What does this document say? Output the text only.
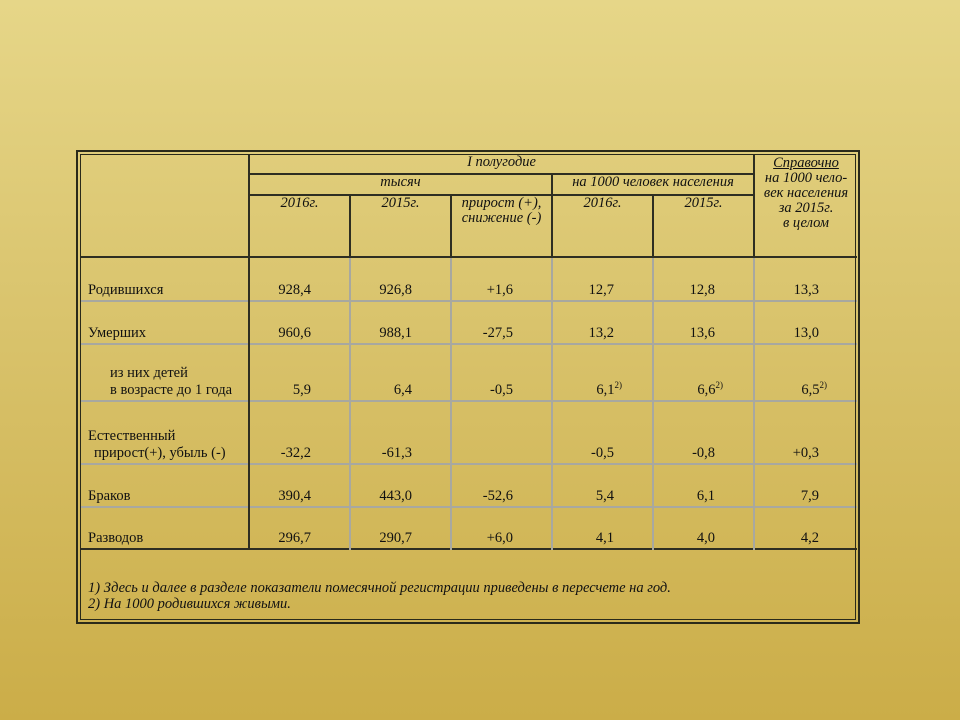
	I полугодие					Справочно
на 1000 чело-
век населения
за 2015г.
в целом
	тысяч			на 1000 человек населения		
	2016г.	2015г.	прирост (+),
снижение (-)	2016г.	2015г.	
Родившихся	928,4	926,8	+1,6	12,7	12,8	13,3
Умерших	960,6	988,1	-27,5	13,2	13,6	13,0
из них детей
в возрасте до 1 года	5,9	6,4	-0,5	6,1$^{2)}$	6,6$^{2)}$	6,5$^{2)}$
Естественный
прирост(+), убыль (-)	-32,2	-61,3		-0,5	-0,8	+0,3
Браков	390,4	443,0	-52,6	5,4	6,1	7,9
Разводов	296,7	290,7	+6,0	4,1	4,0	4,2

1) Здесь и далее в разделе показатели помесячной регистрации приведены в пересчете на год.
2) На 1000 родившихся живыми.
